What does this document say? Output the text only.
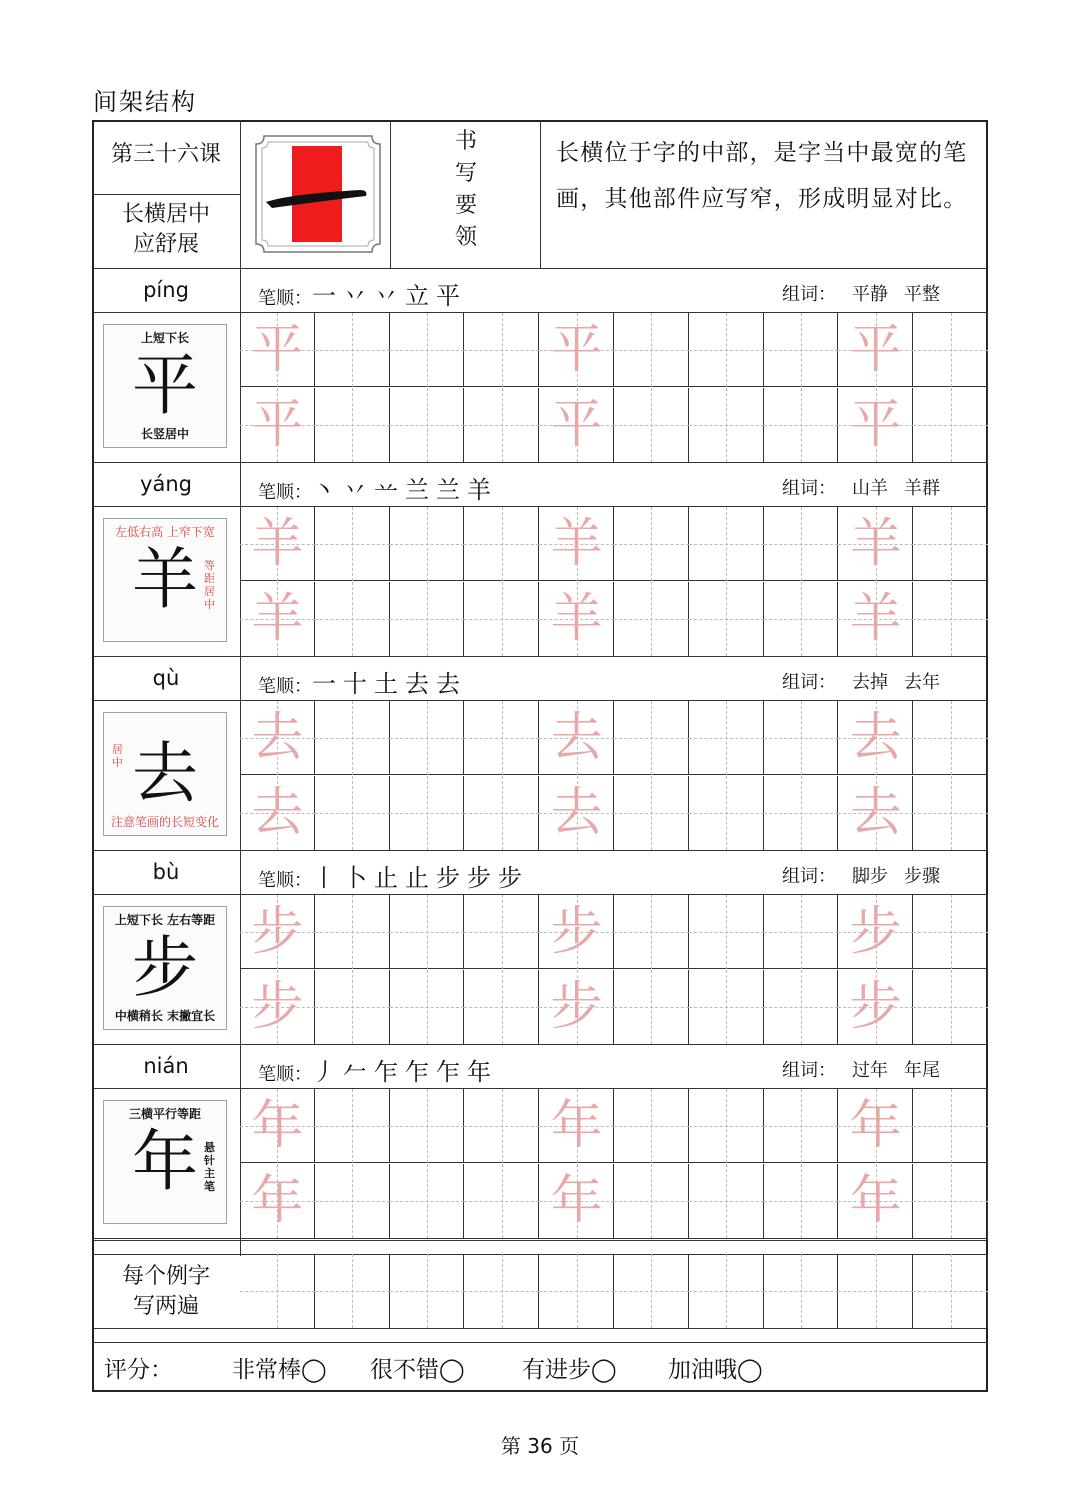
间架结构
第三十六课
长横居中
应舒展
书
写
要
领
长横位于字的中部，是字当中最宽的笔画，其他部件应写窄，形成明显对比。
píng	笔顺：一 丷 丷 立 平	组词： 平静 平整
上短下长
平
长竖居中
平	平	平
平	平	平
yáng	笔顺：丶 丷 䒑 兰 兰 羊	组词： 山羊 羊群
左低右高 上窄下宽
羊 等距居中
羊	羊	羊
羊	羊	羊
qù	笔顺：一 十 土 去 去	组词： 去掉 去年
去
居中
注意笔画的长短变化
去	去	去
去	去	去
bù	笔顺：丨 卜 止 止 步 步 步	组词： 脚步 步骤
上短下长 左右等距
步
中横稍长 末撇宜长
步	步	步
步	步	步
nián	笔顺：丿 𠂉 乍 乍 乍 年	组词： 过年 年尾
三横平行等距
年 悬针主笔
年	年	年
年	年	年
每个例字
写两遍
评分：	非常棒◯ 很不错◯ 有进步◯ 加油哦◯
第 36 页
